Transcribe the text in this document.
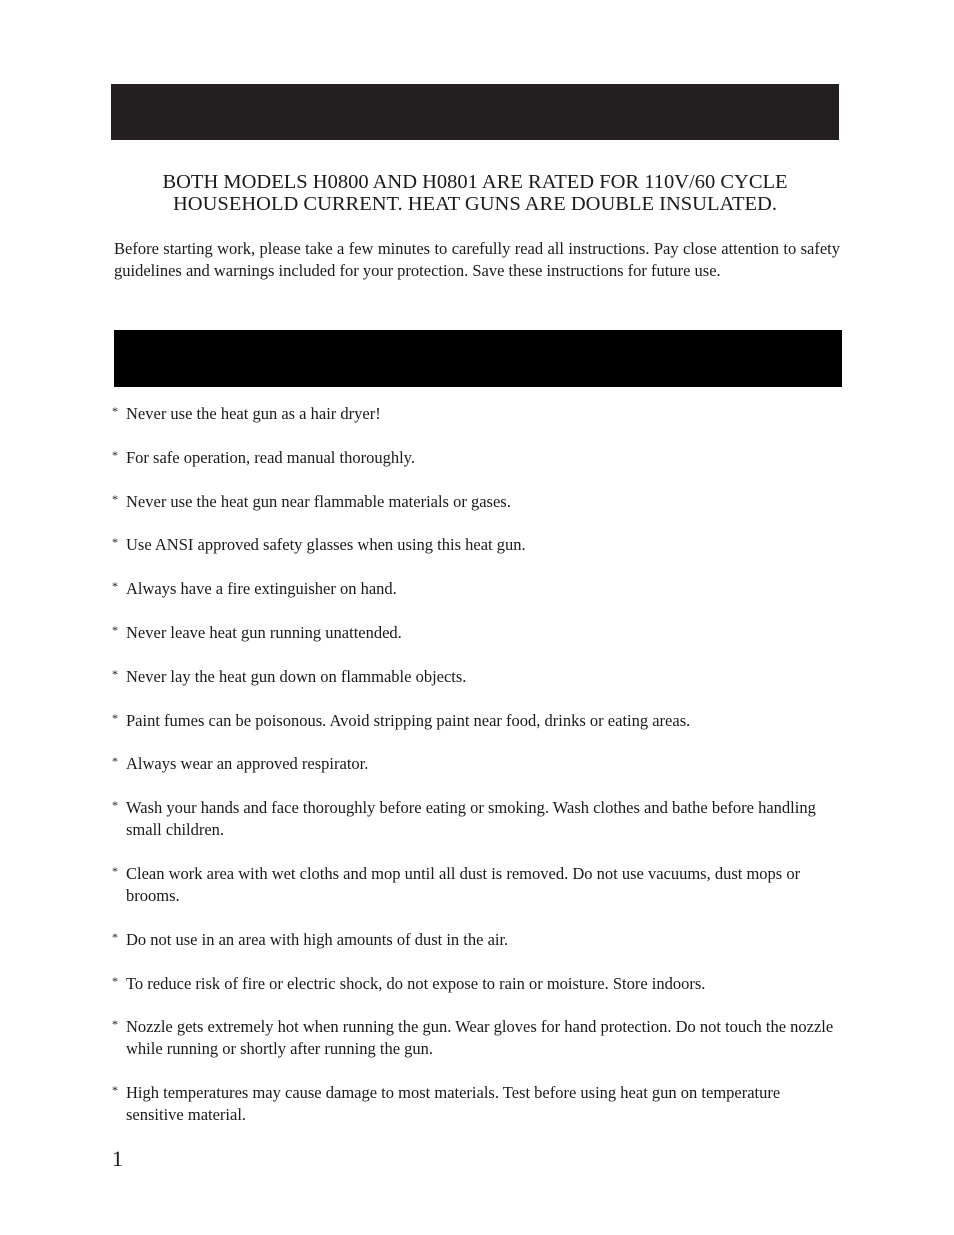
BOTH MODELS H0800 AND H0801 ARE RATED FOR 110V/60 CYCLE HOUSEHOLD CURRENT. HEAT GUNS ARE DOUBLE INSULATED.
Before starting work, please take a few minutes to carefully read all instructions. Pay close attention to safety guidelines and warnings included for your protection. Save these instructions for future use.
* Never use the heat gun as a hair dryer!
* For safe operation, read manual thoroughly.
* Never use the heat gun near flammable materials or gases.
* Use ANSI approved safety glasses when using this heat gun.
* Always have a fire extinguisher on hand.
* Never leave heat gun running unattended.
* Never lay the heat gun down on flammable objects.
* Paint fumes can be poisonous. Avoid stripping paint near food, drinks or eating areas.
* Always wear an approved respirator.
* Wash your hands and face thoroughly before eating or smoking. Wash clothes and bathe before handling small children.
* Clean work area with wet cloths and mop until all dust is removed. Do not use vacuums, dust mops or brooms.
* Do not use in an area with high amounts of dust in the air.
* To reduce risk of fire or electric shock, do not expose to rain or moisture. Store indoors.
* Nozzle gets extremely hot when running the gun. Wear gloves for hand protection. Do not touch the nozzle while running or shortly after running the gun.
* High temperatures may cause damage to most materials. Test before using heat gun on temperature sensitive material.
1
